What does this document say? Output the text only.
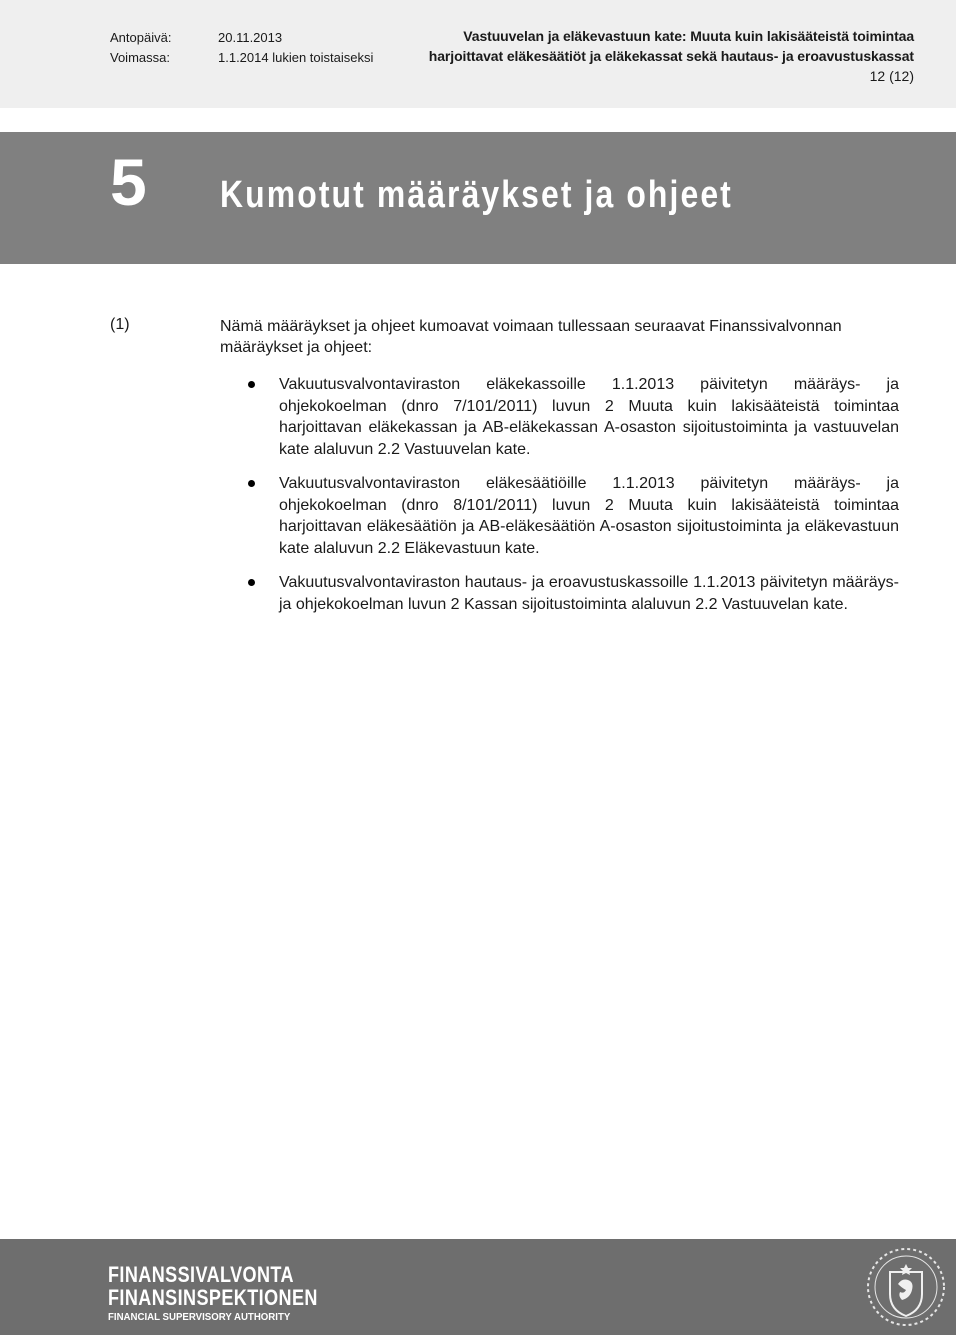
Antopäivä:	20.11.2013
Voimassa:	1.1.2014 lukien toistaiseksi
Vastuuvelan ja eläkevastuun kate: Muuta kuin lakisääteistä toimintaa
harjoittavat eläkesäätiöt ja eläkekassat sekä hautaus- ja eroavustuskassat
12 (12)
5 Kumotut määräykset ja ohjeet
(1)	Nämä määräykset ja ohjeet kumoavat voimaan tullessaan seuraavat Finanssivalvonnan määräykset ja ohjeet:
Vakuutusvalvontaviraston eläkekassoille 1.1.2013 päivitetyn määräys- ja ohjekokoelman (dnro 7/101/2011) luvun 2 Muuta kuin lakisääteistä toimintaa harjoittavan eläkekassan ja AB-eläkekassan A-osaston sijoitustoiminta ja vastuuvelan kate alaluvun 2.2 Vastuuvelan kate.
Vakuutusvalvontaviraston eläkesäätiöille 1.1.2013 päivitetyn määräys- ja ohjekokoelman (dnro 8/101/2011) luvun 2 Muuta kuin lakisääteistä toimintaa harjoittavan eläkesäätiön ja AB-eläkesäätiön A-osaston sijoitustoiminta ja eläkevastuun kate alaluvun 2.2 Eläkevastuun kate.
Vakuutusvalvontaviraston hautaus- ja eroavustuskassoille 1.1.2013 päivitetyn määräys- ja ohjekokoelman luvun 2 Kassan sijoitustoiminta alaluvun 2.2 Vastuuvelan kate.
FINANSSIVALVONTA
FINANSINSPEKTIONEN
FINANCIAL SUPERVISORY AUTHORITY
